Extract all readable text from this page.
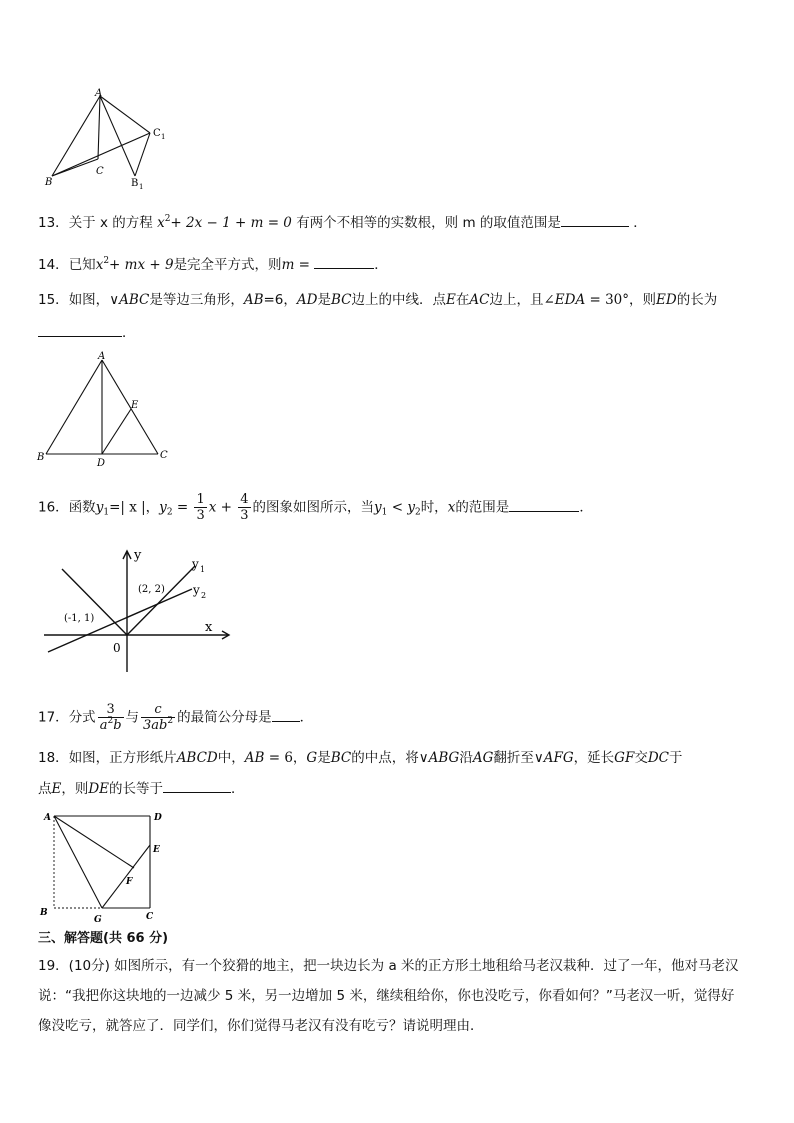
A
B
C
C 1
B 1
13．关于 x 的方程 $x^2+ 2x - 1 + m = 0$ 有两个不相等的实数根，则 m 的取值范围是	．
14．已知$x^2+$ mx + 9是完全平方式，则m =	．
15．如图，∨ABC是等边三角形，AB=6，AD是BC边上的中线．点E在AC边上，且∠EDA = 30°，则ED的长为
．
A
B	C
D
E
16．函数$y_1=|$ x |，$y_2 = \frac{1}{3}$ $x + \frac{4}{3}$ 的图象如图所示，当$y_1 < y_2$时，x的范围是	．
y
x
0
(-1, 1)
(2, 2)
y 1
y 2
17．分式 $\frac{3}{a^2b}$ 与 $\frac{c}{3ab^2}$ 的最简公分母是 ．
18．如图，正方形纸片ABCD中，AB = 6，G是BC的中点，将∨ABG沿AG翻折至∨AFG，延长GF交DC于
点E，则DE的长等于	．
A	D
E
F
B
G	C
三、解答题(共 66 分)
19．(10分) 如图所示，有一个狡猾的地主，把一块边长为 a 米的正方形土地租给马老汉栽种．过了一年，他对马老汉
说：“我把你这块地的一边减少 5 米，另一边增加 5 米，继续租给你，你也没吃亏，你看如何？”马老汉一听，觉得好
像没吃亏，就答应了．同学们，你们觉得马老汉有没有吃亏？请说明理由．
